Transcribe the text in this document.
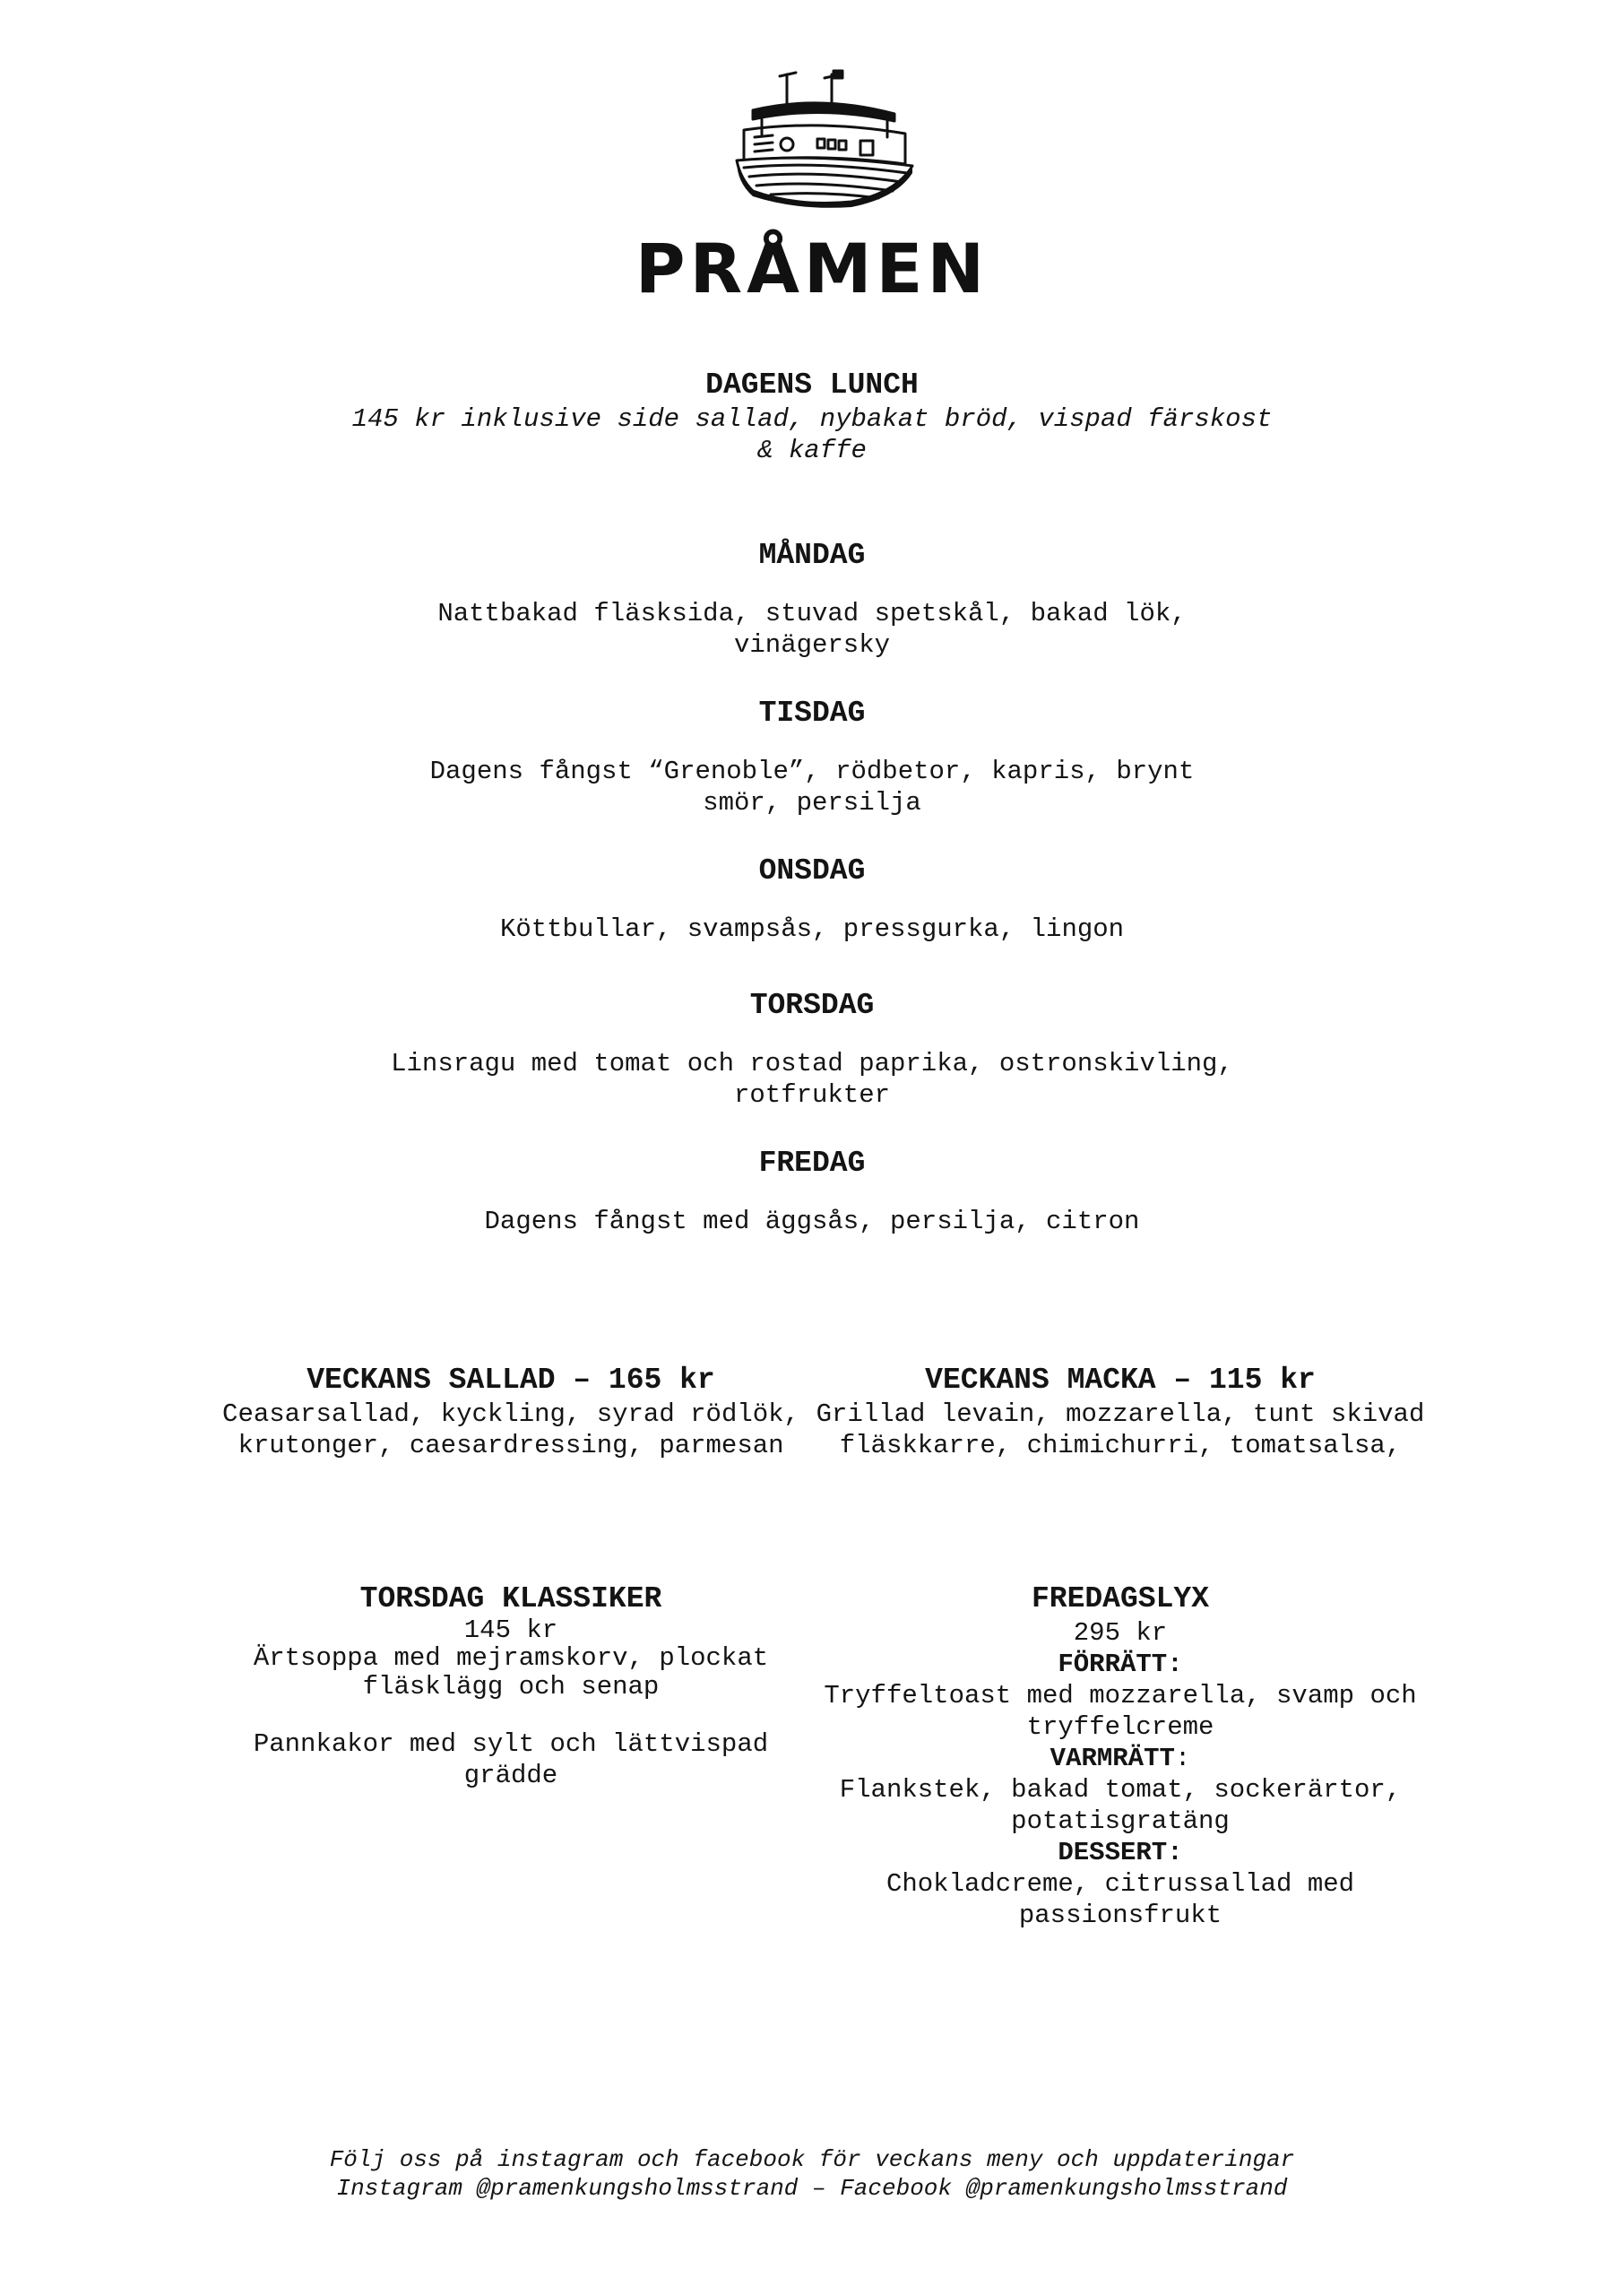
PRÅMEN
DAGENS LUNCH
145 kr inklusive side sallad, nybakat bröd, vispad färskost
& kaffe
MÅNDAG
Nattbakad fläsksida, stuvad spetskål, bakad lök,
vinägersky
TISDAG
Dagens fångst “Grenoble”, rödbetor, kapris, brynt
smör, persilja
ONSDAG
Köttbullar, svampsås, pressgurka, lingon
TORSDAG
Linsragu med tomat och rostad paprika, ostronskivling,
rotfrukter
FREDAG
Dagens fångst med äggsås, persilja, citron
VECKANS SALLAD – 165 kr
Ceasarsallad, kyckling, syrad rödlök,
krutonger, caesardressing, parmesan
VECKANS MACKA – 115 kr
Grillad levain, mozzarella, tunt skivad
fläskkarre, chimichurri, tomatsalsa,
TORSDAG KLASSIKER
145 kr
Ärtsoppa med mejramskorv, plockat
fläsklägg och senap
Pannkakor med sylt och lättvispad
grädde
FREDAGSLYX
295 kr
FÖRRÄTT:
Tryffeltoast med mozzarella, svamp och
tryffelcreme
VARMRÄTT:
Flankstek, bakad tomat, sockerärtor,
potatisgratäng
DESSERT:
Chokladcreme, citrussallad med
passionsfrukt
Följ oss på instagram och facebook för veckans meny och uppdateringar
Instagram @pramenkungsholmsstrand – Facebook @pramenkungsholmsstrand
